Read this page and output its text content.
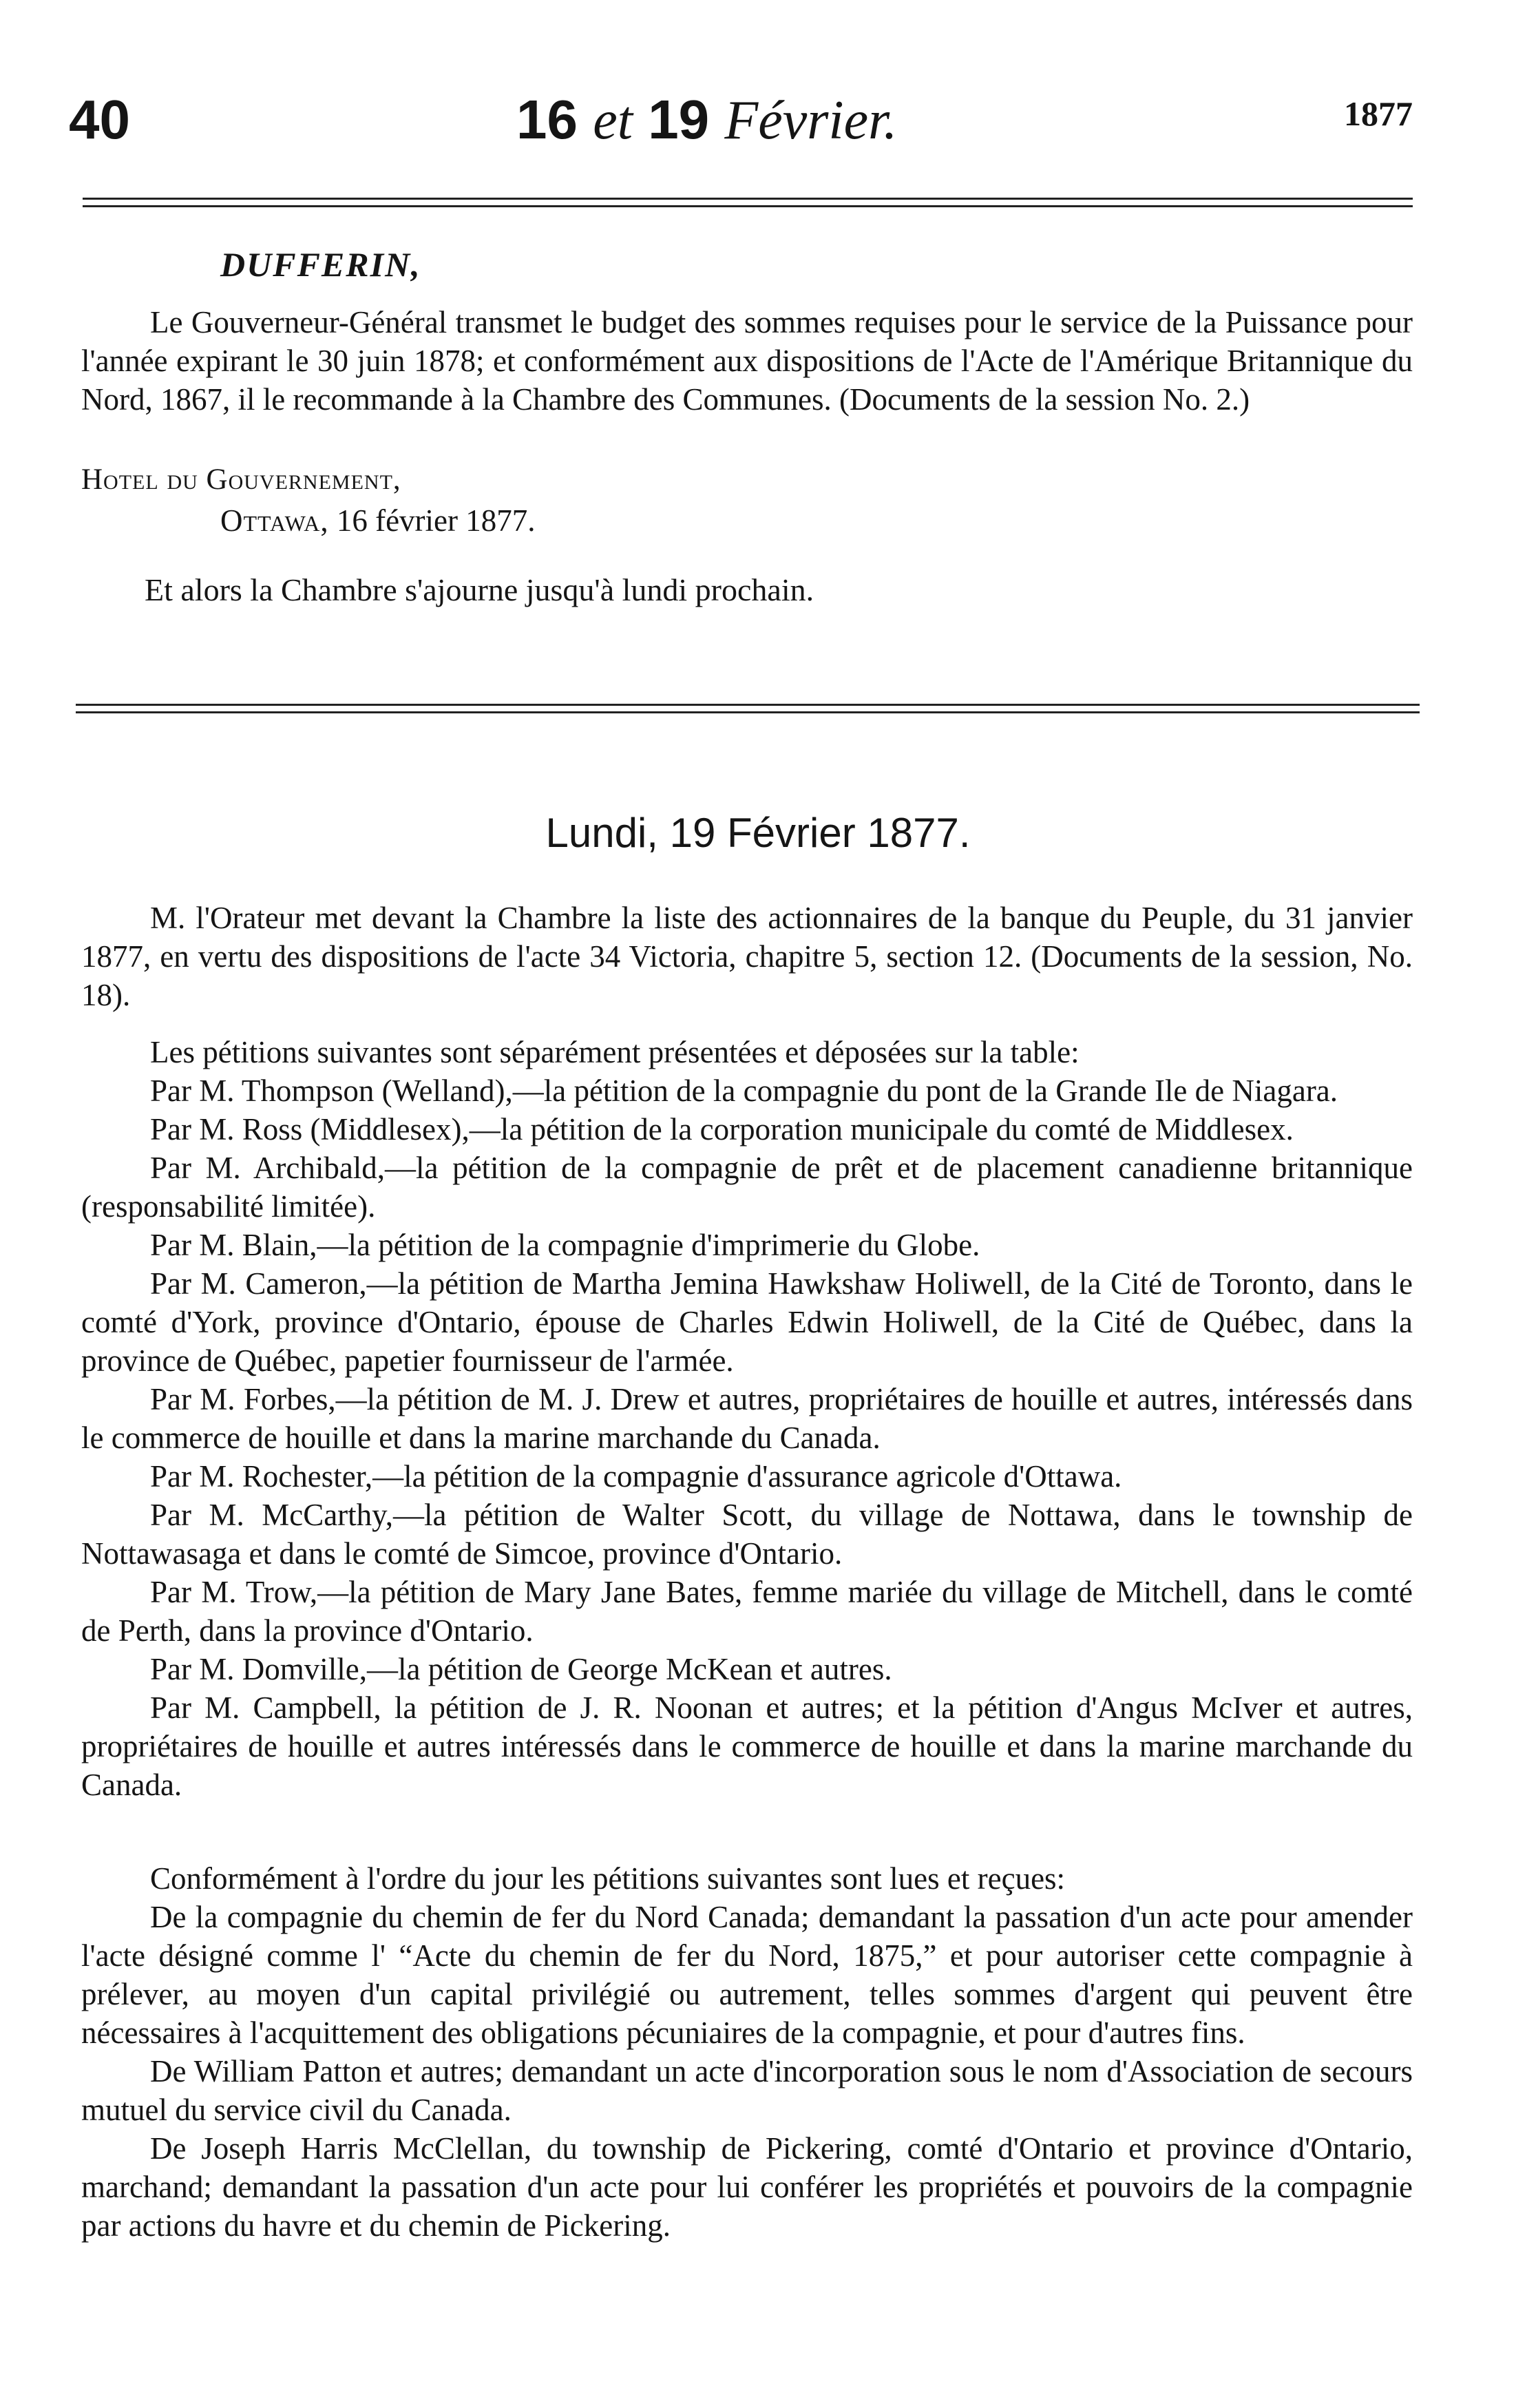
40	16 et 19 Février.	1877
DUFFERIN,

Le Gouverneur-Général transmet le budget des sommes requises pour le service de la Puissance pour l'année expirant le 30 juin 1878; et conformément aux dispositions de l'Acte de l'Amérique Britannique du Nord, 1867, il le recommande à la Chambre des Communes. (Documents de la session No. 2.)

Hotel du Gouvernement,
Ottawa, 16 février 1877.
Et alors la Chambre s'ajourne jusqu'à lundi prochain.
Lundi, 19 Février 1877.

M. l'Orateur met devant la Chambre la liste des actionnaires de la banque du Peuple, du 31 janvier 1877, en vertu des dispositions de l'acte 34 Victoria, chapitre 5, section 12. (Documents de la session, No. 18).

Les pétitions suivantes sont séparément présentées et déposées sur la table:

Par M. Thompson (Welland),—la pétition de la compagnie du pont de la Grande Ile de Niagara.

Par M. Ross (Middlesex),—la pétition de la corporation municipale du comté de Middlesex.

Par M. Archibald,—la pétition de la compagnie de prêt et de placement canadienne britannique (responsabilité limitée).

Par M. Blain,—la pétition de la compagnie d'imprimerie du Globe.

Par M. Cameron,—la pétition de Martha Jemina Hawkshaw Holiwell, de la Cité de Toronto, dans le comté d'York, province d'Ontario, épouse de Charles Edwin Holiwell, de la Cité de Québec, dans la province de Québec, papetier fournisseur de l'armée.

Par M. Forbes,—la pétition de M. J. Drew et autres, propriétaires de houille et autres, intéressés dans le commerce de houille et dans la marine marchande du Canada.

Par M. Rochester,—la pétition de la compagnie d'assurance agricole d'Ottawa.

Par M. McCarthy,—la pétition de Walter Scott, du village de Nottawa, dans le township de Nottawasaga et dans le comté de Simcoe, province d'Ontario.

Par M. Trow,—la pétition de Mary Jane Bates, femme mariée du village de Mitchell, dans le comté de Perth, dans la province d'Ontario.

Par M. Domville,—la pétition de George McKean et autres.

Par M. Campbell, la pétition de J. R. Noonan et autres; et la pétition d'Angus McIver et autres, propriétaires de houille et autres intéressés dans le commerce de houille et dans la marine marchande du Canada.

Conformément à l'ordre du jour les pétitions suivantes sont lues et reçues:

De la compagnie du chemin de fer du Nord Canada; demandant la passation d'un acte pour amender l'acte désigné comme l' “Acte du chemin de fer du Nord, 1875,” et pour autoriser cette compagnie à prélever, au moyen d'un capital privilégié ou autrement, telles sommes d'argent qui peuvent être nécessaires à l'acquittement des obligations pécuniaires de la compagnie, et pour d'autres fins.

De William Patton et autres; demandant un acte d'incorporation sous le nom d'Association de secours mutuel du service civil du Canada.

De Joseph Harris McClellan, du township de Pickering, comté d'Ontario et province d'Ontario, marchand; demandant la passation d'un acte pour lui conférer les propriétés et pouvoirs de la compagnie par actions du havre et du chemin de Pickering.
